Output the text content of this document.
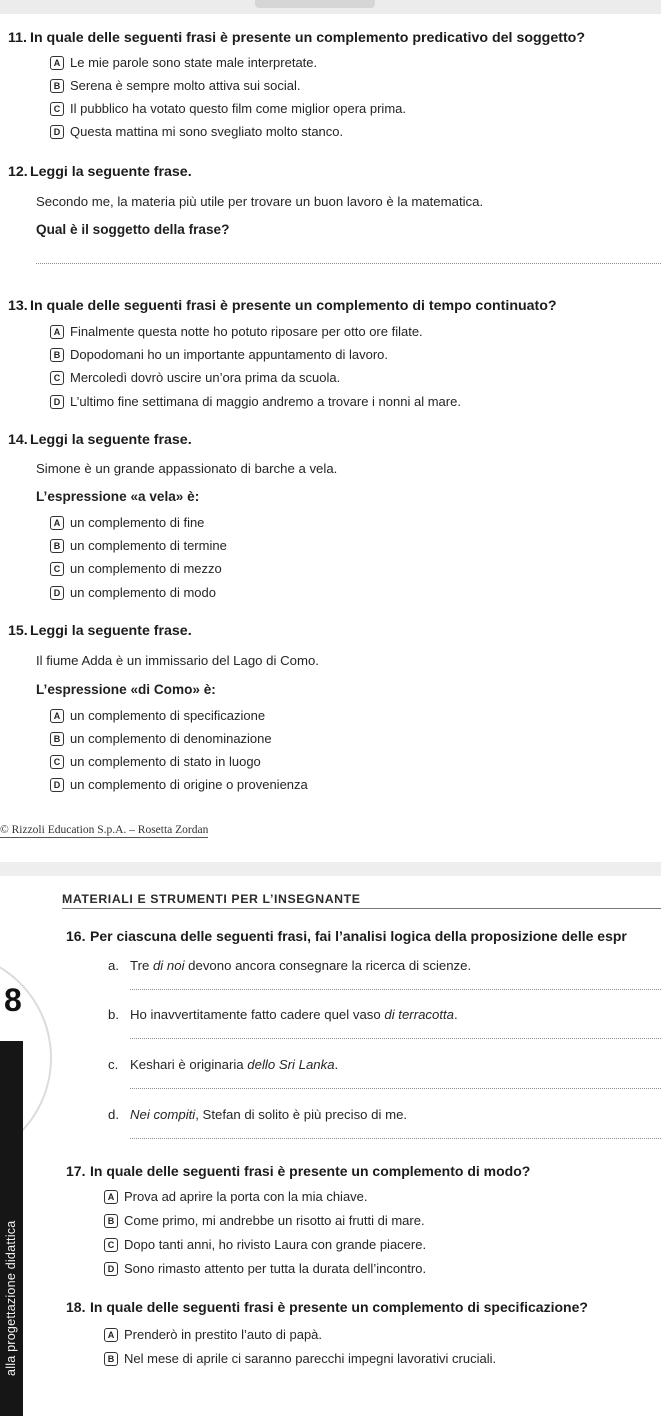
11. In quale delle seguenti frasi è presente un complemento predicativo del soggetto?
A Le mie parole sono state male interpretate.
B Serena è sempre molto attiva sui social.
C Il pubblico ha votato questo film come miglior opera prima.
D Questa mattina mi sono svegliato molto stanco.
12. Leggi la seguente frase.
Secondo me, la materia più utile per trovare un buon lavoro è la matematica.
Qual è il soggetto della frase?
13. In quale delle seguenti frasi è presente un complemento di tempo continuato?
A Finalmente questa notte ho potuto riposare per otto ore filate.
B Dopodomani ho un importante appuntamento di lavoro.
C Mercoledì dovrò uscire un’ora prima da scuola.
D L’ultimo fine settimana di maggio andremo a trovare i nonni al mare.
14. Leggi la seguente frase.
Simone è un grande appassionato di barche a vela.
L’espressione «a vela» è:
A un complemento di fine
B un complemento di termine
C un complemento di mezzo
D un complemento di modo
15. Leggi la seguente frase.
Il fiume Adda è un immissario del Lago di Como.
L’espressione «di Como» è:
A un complemento di specificazione
B un complemento di denominazione
C un complemento di stato in luogo
D un complemento di origine o provenienza
© Rizzoli Education S.p.A. – Rosetta Zordan
MATERIALI E STRUMENTI PER L’INSEGNANTE
8
alla progettazione didattica
16. Per ciascuna delle seguenti frasi, fai l’analisi logica della proposizione delle espr
a. Tre di noi devono ancora consegnare la ricerca di scienze.
b. Ho inavvertitamente fatto cadere quel vaso di terracotta.
c. Keshari è originaria dello Sri Lanka.
d. Nei compiti, Stefan di solito è più preciso di me.
17. In quale delle seguenti frasi è presente un complemento di modo?
A Prova ad aprire la porta con la mia chiave.
B Come primo, mi andrebbe un risotto ai frutti di mare.
C Dopo tanti anni, ho rivisto Laura con grande piacere.
D Sono rimasto attento per tutta la durata dell’incontro.
18. In quale delle seguenti frasi è presente un complemento di specificazione?
A Prenderò in prestito l’auto di papà.
B Nel mese di aprile ci saranno parecchi impegni lavorativi cruciali.
